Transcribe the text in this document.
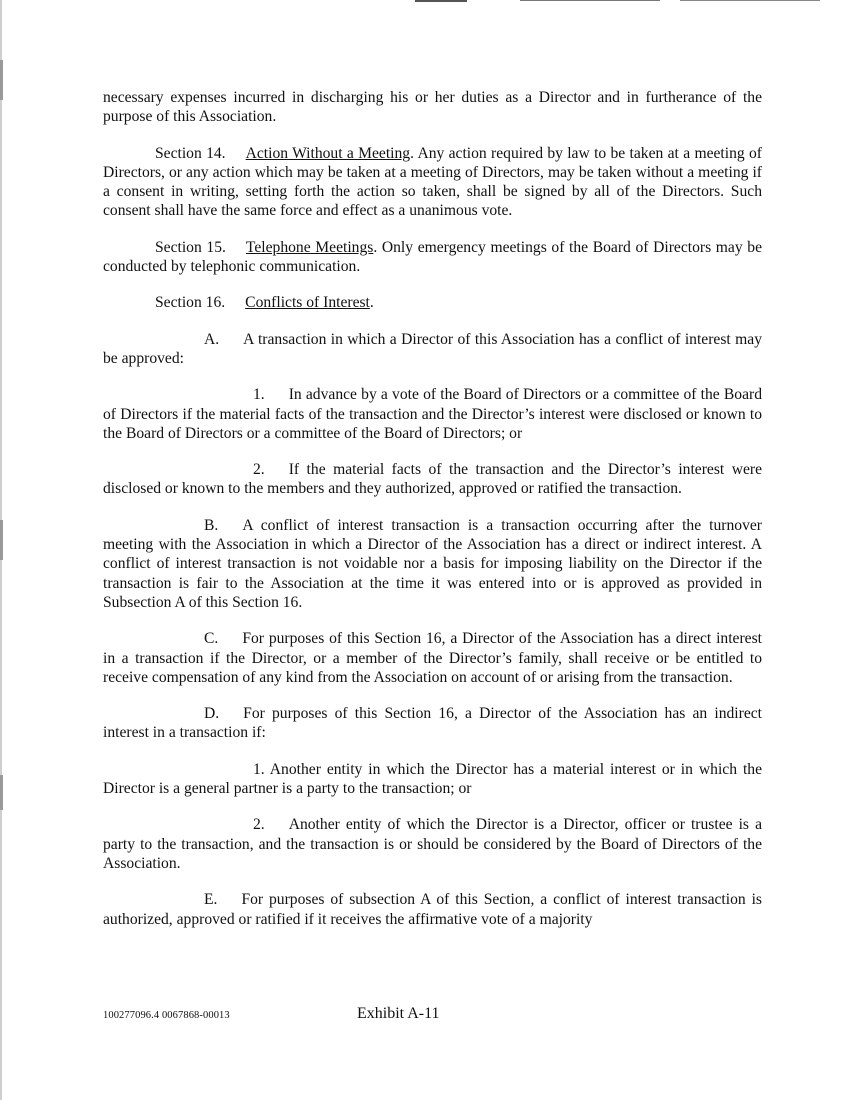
necessary expenses incurred in discharging his or her duties as a Director and in furtherance of the purpose of this Association.

Section 14. Action Without a Meeting. Any action required by law to be taken at a meeting of Directors, or any action which may be taken at a meeting of Directors, may be taken without a meeting if a consent in writing, setting forth the action so taken, shall be signed by all of the Directors. Such consent shall have the same force and effect as a unanimous vote.

Section 15. Telephone Meetings. Only emergency meetings of the Board of Directors may be conducted by telephonic communication.

Section 16. Conflicts of Interest.

A. A transaction in which a Director of this Association has a conflict of interest may be approved:

1. In advance by a vote of the Board of Directors or a committee of the Board of Directors if the material facts of the transaction and the Director’s interest were disclosed or known to the Board of Directors or a committee of the Board of Directors; or

2. If the material facts of the transaction and the Director’s interest were disclosed or known to the members and they authorized, approved or ratified the transaction.

B. A conflict of interest transaction is a transaction occurring after the turnover meeting with the Association in which a Director of the Association has a direct or indirect interest. A conflict of interest transaction is not voidable nor a basis for imposing liability on the Director if the transaction is fair to the Association at the time it was entered into or is approved as provided in Subsection A of this Section 16.

C. For purposes of this Section 16, a Director of the Association has a direct interest in a transaction if the Director, or a member of the Director’s family, shall receive or be entitled to receive compensation of any kind from the Association on account of or arising from the transaction.

D. For purposes of this Section 16, a Director of the Association has an indirect interest in a transaction if:

1. Another entity in which the Director has a material interest or in which the Director is a general partner is a party to the transaction; or

2. Another entity of which the Director is a Director, officer or trustee is a party to the transaction, and the transaction is or should be considered by the Board of Directors of the Association.

E. For purposes of subsection A of this Section, a conflict of interest transaction is authorized, approved or ratified if it receives the affirmative vote of a majority

100277096.4 0067868-00013	Exhibit A-11
